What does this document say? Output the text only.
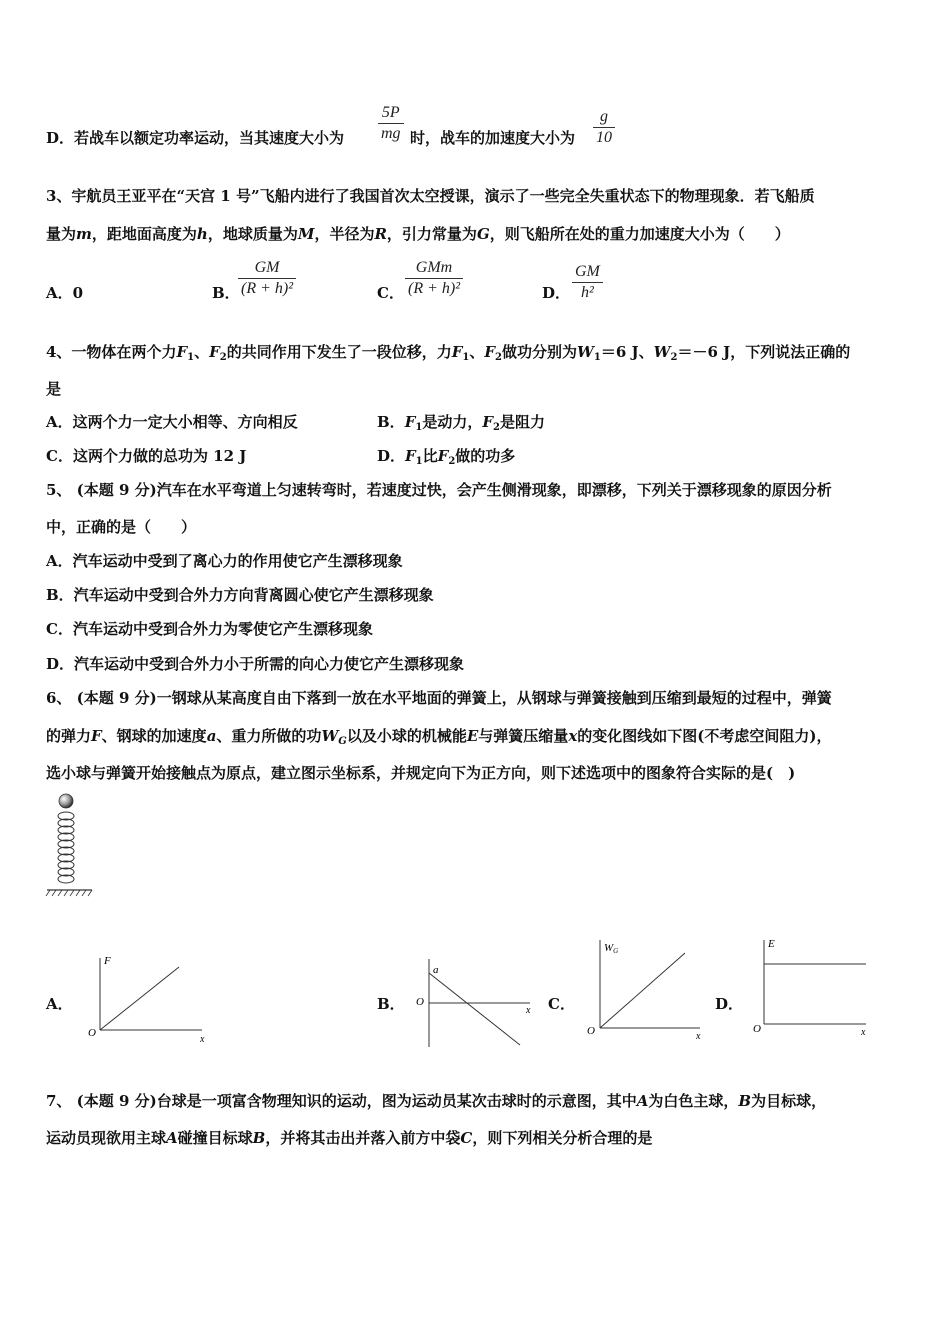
D．若战车以额定功率运动，当其速度大小为 $\frac{5P}{mg}$ 时，战车的加速度大小为 $\frac{g}{10}$
3、宇航员王亚平在“天宫 1 号”飞船内进行了我国首次太空授课，演示了一些完全失重状态下的物理现象．若飞船质
量为m，距地面高度为h，地球质量为M，半径为R，引力常量为G，则飞船所在处的重力加速度大小为（　　）
A．0	B．
$\frac{GM}{\text{(R + h)²}}$	C．
GMm
(R + h)²	D． $\frac{GM}{\text{h²}}$
4、一物体在两个力$F_1$、$F_2$的共同作用下发生了一段位移，力$F_1$、$F_2$做功分别为$W_1=6$ J、$W_2=-6$ J，下列说法正确的
是
A．这两个力一定大小相等、方向相反	B．$F_1$是动力，$F_2$是阻力
C．这两个力做的总功为 12 J	D．$F_1$比$F_2$做的功多
5、 (本题 9 分)汽车在水平弯道上匀速转弯时，若速度过快，会产生侧滑现象，即漂移，下列关于漂移现象的原因分析
中，正确的是（　　）
A．汽车运动中受到了离心力的作用使它产生漂移现象
B．汽车运动中受到合外力方向背离圆心使它产生漂移现象
C．汽车运动中受到合外力为零使它产生漂移现象
D．汽车运动中受到合外力小于所需的向心力使它产生漂移现象
6、 (本题 9 分)一钢球从某高度自由下落到一放在水平地面的弹簧上，从钢球与弹簧接触到压缩到最短的过程中，弹簧
的弹力F、钢球的加速度a、重力所做的功$W_G$以及小球的机械能E与弹簧压缩量x的变化图线如下图(不考虑空间阻力)，
选小球与弹簧开始接触点为原点，建立图示坐标系，并规定向下为正方向，则下述选项中的图象符合实际的是(　)
A．	B．	C．	D．
F
x
O
a
x
O
WG
x
O
E
x
O
7、 (本题 9 分)台球是一项富含物理知识的运动，图为运动员某次击球时的示意图，其中A为白色主球，B为目标球，
运动员现欲用主球A碰撞目标球B，并将其击出并落入前方中袋C，则下列相关分析合理的是
